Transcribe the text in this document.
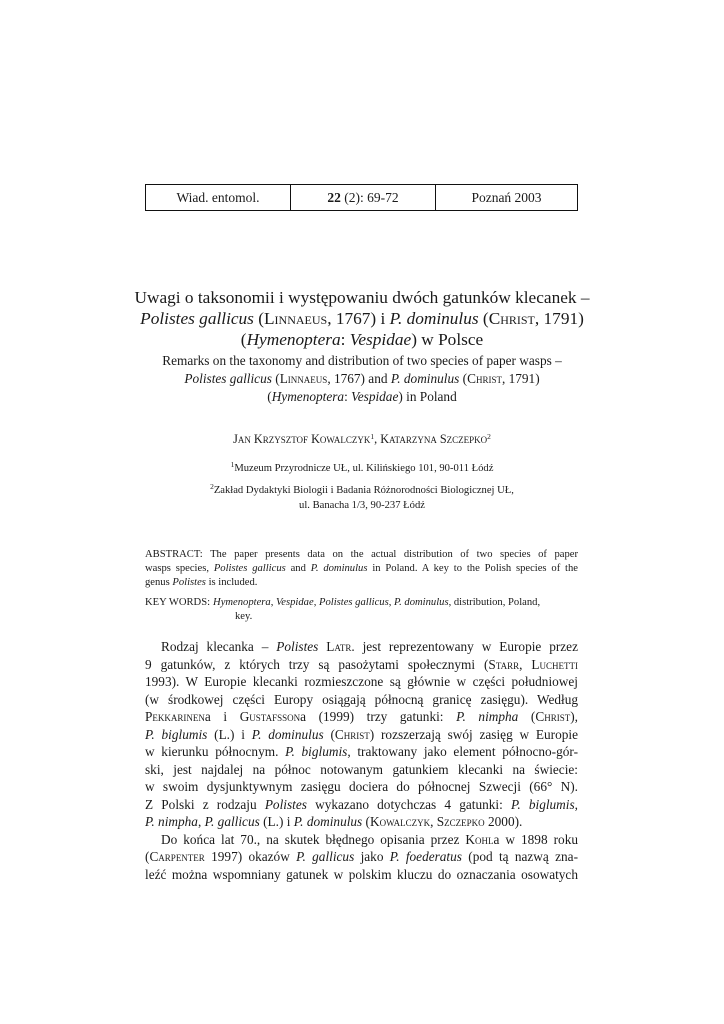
Wiad. entomol.	22
(2): 69-72	Poznań 2003
Uwagi o taksonomii i występowaniu dwóch gatunków klecanek –
Polistes gallicus (Linnaeus, 1767) i P. dominulus (Christ, 1791)
(Hymenoptera: Vespidae) w Polsce
Remarks on the taxonomy and distribution of two species of paper wasps –
Polistes gallicus (Linnaeus, 1767) and P. dominulus (Christ, 1791)
(Hymenoptera: Vespidae) in Poland
Jan Krzysztof Kowalczyk$^1$, Katarzyna Szczepko$^2$
$^1$Muzeum Przyrodnicze UŁ, ul. Kilińskiego 101, 90-011 Łódź
$^2$Zakład Dydaktyki Biologii i Badania Różnorodności Biologicznej UŁ,
ul. Banacha 1/3, 90-237 Łódź
ABSTRACT: The paper presents data on the actual distribution of two species of paper
wasps species, Polistes gallicus and P. dominulus in Poland. A key to the Polish species of the
genus Polistes is included.
KEY WORDS: Hymenoptera, Vespidae, Polistes gallicus, P. dominulus, distribution, Poland,
key.
Rodzaj klecanka – Polistes Latr. jest reprezentowany w Europie przez
9 gatunków, z których trzy są pasożytami społecznymi (Starr, Luchetti
1993). W Europie klecanki rozmieszczone są głównie w części południowej
(w środkowej części Europy osiągają północną granicę zasięgu). Według
Pekkarinena i Gustafssona (1999) trzy gatunki: P. nimpha (Christ),
P. biglumis (L.) i P. dominulus (Christ) rozszerzają swój zasięg w Europie
w kierunku północnym. P. biglumis, traktowany jako element północno-gór-
ski, jest najdalej na północ notowanym gatunkiem klecanki na świecie:
w swoim dysjunktywnym zasięgu dociera do północnej Szwecji (66° N).
Z Polski z rodzaju Polistes wykazano dotychczas 4 gatunki: P. biglumis,
P. nimpha, P. gallicus (L.) i P. dominulus (Kowalczyk, Szczepko 2000).
Do końca lat 70., na skutek błędnego opisania przez Kohla w 1898 roku
(Carpenter 1997) okazów P. gallicus jako P. foederatus (pod tą nazwą zna-
leźć można wspomniany gatunek w polskim kluczu do oznaczania osowatych
